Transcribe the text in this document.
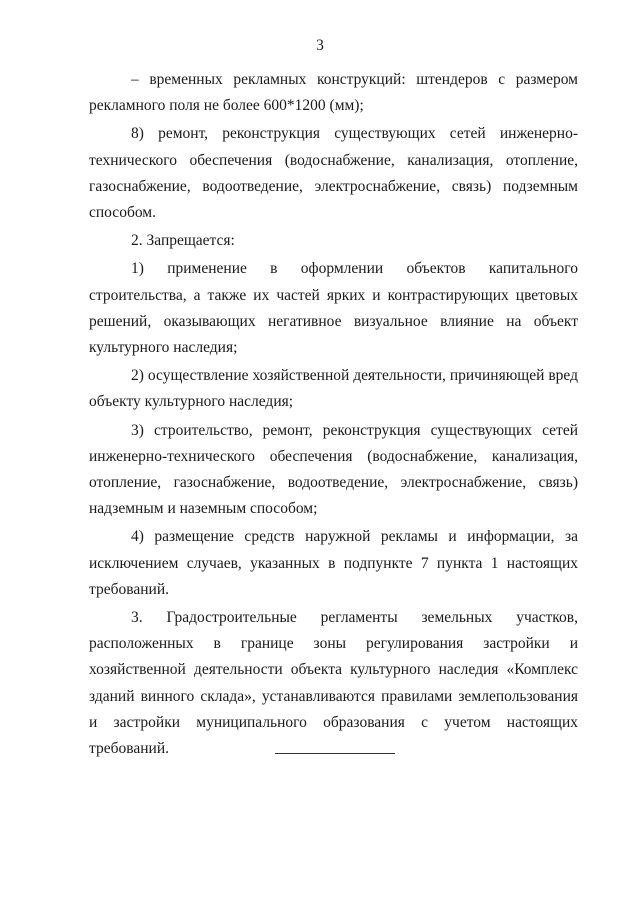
3

– временных рекламных конструкций: штендеров с размером рекламного поля не более 600*1200 (мм);

8) ремонт, реконструкция существующих сетей инженерно-технического обеспечения (водоснабжение, канализация, отопление, газоснабжение, водоотведение, электроснабжение, связь) подземным способом.

2. Запрещается:

1) применение в оформлении объектов капитального строительства, а также их частей ярких и контрастирующих цветовых решений, оказывающих негативное визуальное влияние на объект культурного наследия;

2) осуществление хозяйственной деятельности, причиняющей вред объекту культурного наследия;

3) строительство, ремонт, реконструкция существующих сетей инженерно-технического обеспечения (водоснабжение, канализация, отопление, газоснабжение, водоотведение, электроснабжение, связь) надземным и наземным способом;

4) размещение средств наружной рекламы и информации, за исключением случаев, указанных в подпункте 7 пункта 1 настоящих требований.

3. Градостроительные регламенты земельных участков, расположенных в границе зоны регулирования застройки и хозяйственной деятельности объекта культурного наследия «Комплекс зданий винного склада», устанавливаются правилами землепользования и застройки муниципального образования с учетом настоящих требований.
